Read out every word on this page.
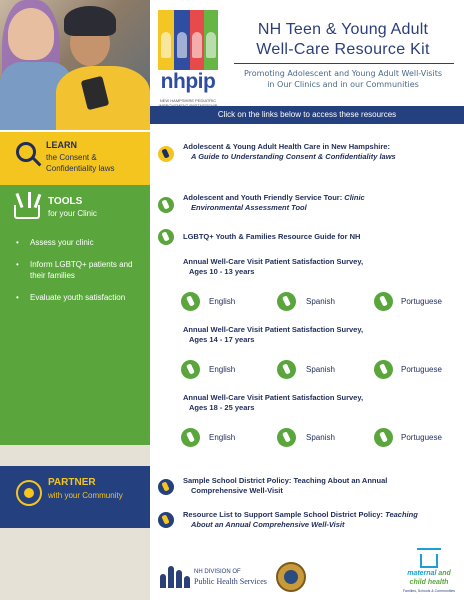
nhpip
NEW HAMPSHIRE PEDIATRIC
NH Teen & Young Adult
Well-Care Resource Kit
Promoting Adolescent and Young Adult Well-Visits
in Our Clinics and in our Communities
Click on the links below to access these resources
LEARN
the Consent & Confidentiality laws
TOOLS
for your Clinic
• Assess your clinic
• Inform LGBTQ+ patients and their families
• Evaluate youth satisfaction
PARTNER
with your Community
Adolescent & Young Adult Health Care in New Hampshire:
A Guide to Understanding Consent & Confidentiality laws
Adolescent and Youth Friendly Service Tour: Clinic
Environmental Assessment Tool
LGBTQ+ Youth & Families Resource Guide for NH
Annual Well-Care Visit Patient Satisfaction Survey,
Ages 10 - 13 years
English	Spanish	Portuguese
Annual Well-Care Visit Patient Satisfaction Survey,
Ages 14 - 17 years
English	Spanish	Portuguese
Annual Well-Care Visit Patient Satisfaction Survey,
Ages 18 - 25 years
English	Spanish	Portuguese
Sample School District Policy: Teaching About an Annual
Comprehensive Well-Visit
Resource List to Support Sample School District Policy: Teaching
About an Annual Comprehensive Well-Visit
NH DIVISION OF
Public Health Services
maternal and
child health
Families, Schools & Communities
